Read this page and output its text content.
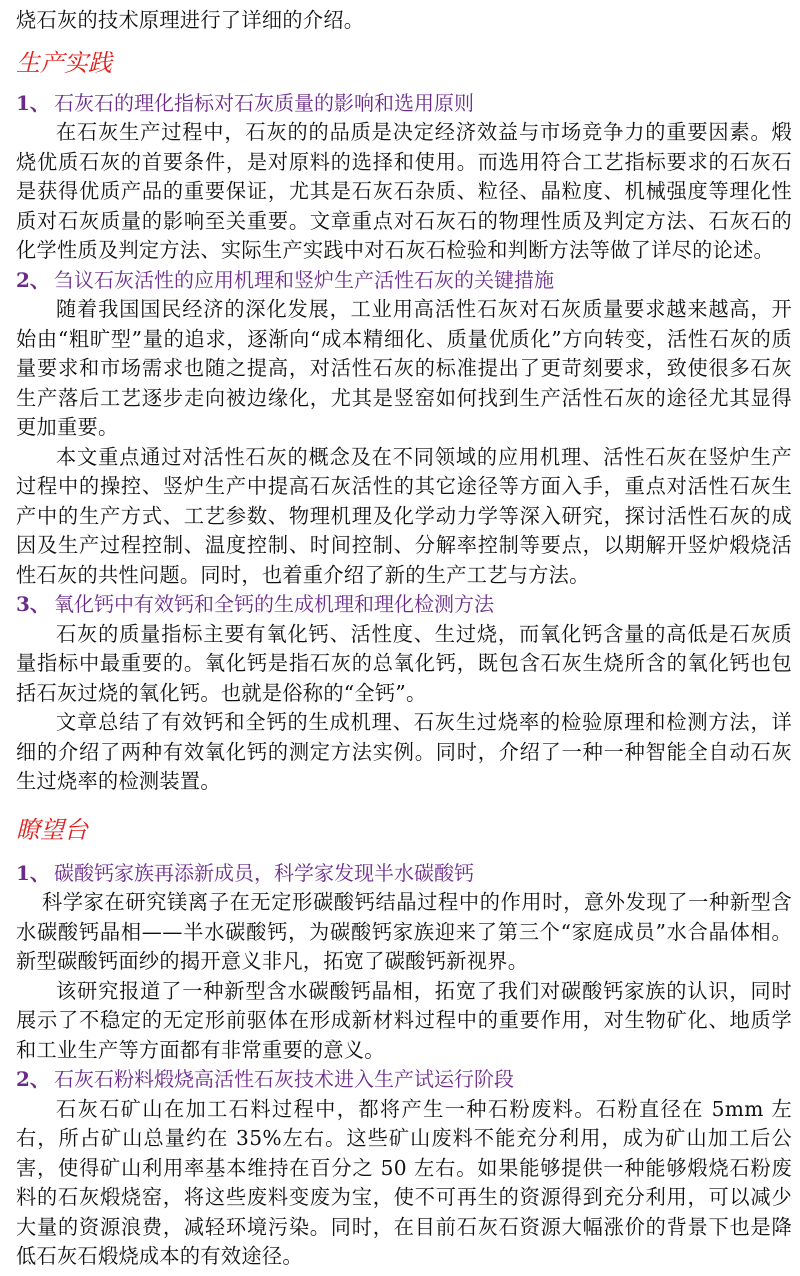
烧石灰的技术原理进行了详细的介绍。

生产实践

1、 石灰石的理化指标对石灰质量的影响和选用原则

在石灰生产过程中，石灰的的品质是决定经济效益与市场竞争力的重要因素。煅烧优质石灰的首要条件，是对原料的选择和使用。而选用符合工艺指标要求的石灰石是获得优质产品的重要保证，尤其是石灰石杂质、粒径、晶粒度、机械强度等理化性质对石灰质量的影响至关重要。文章重点对石灰石的物理性质及判定方法、石灰石的化学性质及判定方法、实际生产实践中对石灰石检验和判断方法等做了详尽的论述。

2、 刍议石灰活性的应用机理和竖炉生产活性石灰的关键措施

随着我国国民经济的深化发展，工业用高活性石灰对石灰质量要求越来越高，开始由“粗旷型”量的追求，逐渐向“成本精细化、质量优质化”方向转变，活性石灰的质量要求和市场需求也随之提高，对活性石灰的标准提出了更苛刻要求，致使很多石灰生产落后工艺逐步走向被边缘化，尤其是竖窑如何找到生产活性石灰的途径尤其显得更加重要。

本文重点通过对活性石灰的概念及在不同领域的应用机理、活性石灰在竖炉生产过程中的操控、竖炉生产中提高石灰活性的其它途径等方面入手，重点对活性石灰生产中的生产方式、工艺参数、物理机理及化学动力学等深入研究，探讨活性石灰的成因及生产过程控制、温度控制、时间控制、分解率控制等要点，以期解开竖炉煅烧活性石灰的共性问题。同时，也着重介绍了新的生产工艺与方法。

3、 氧化钙中有效钙和全钙的生成机理和理化检测方法

石灰的质量指标主要有氧化钙、活性度、生过烧，而氧化钙含量的高低是石灰质量指标中最重要的。氧化钙是指石灰的总氧化钙，既包含石灰生烧所含的氧化钙也包括石灰过烧的氧化钙。也就是俗称的“全钙”。

文章总结了有效钙和全钙的生成机理、石灰生过烧率的检验原理和检测方法，详细的介绍了两种有效氧化钙的测定方法实例。同时，介绍了一种一种智能全自动石灰生过烧率的检测装置。

瞭望台

1、 碳酸钙家族再添新成员，科学家发现半水碳酸钙

科学家在研究镁离子在无定形碳酸钙结晶过程中的作用时，意外发现了一种新型含水碳酸钙晶相——半水碳酸钙，为碳酸钙家族迎来了第三个“家庭成员”水合晶体相。新型碳酸钙面纱的揭开意义非凡，拓宽了碳酸钙新视界。

该研究报道了一种新型含水碳酸钙晶相，拓宽了我们对碳酸钙家族的认识，同时展示了不稳定的无定形前驱体在形成新材料过程中的重要作用，对生物矿化、地质学和工业生产等方面都有非常重要的意义。

2、 石灰石粉料煅烧高活性石灰技术进入生产试运行阶段

石灰石矿山在加工石料过程中，都将产生一种石粉废料。石粉直径在 5mm 左右，所占矿山总量约在 35%左右。这些矿山废料不能充分利用，成为矿山加工后公害，使得矿山利用率基本维持在百分之 50 左右。如果能够提供一种能够煅烧石粉废料的石灰煅烧窑，将这些废料变废为宝，使不可再生的资源得到充分利用，可以减少大量的资源浪费，减轻环境污染。同时，在目前石灰石资源大幅涨价的背景下也是降低石灰石煅烧成本的有效途径。
